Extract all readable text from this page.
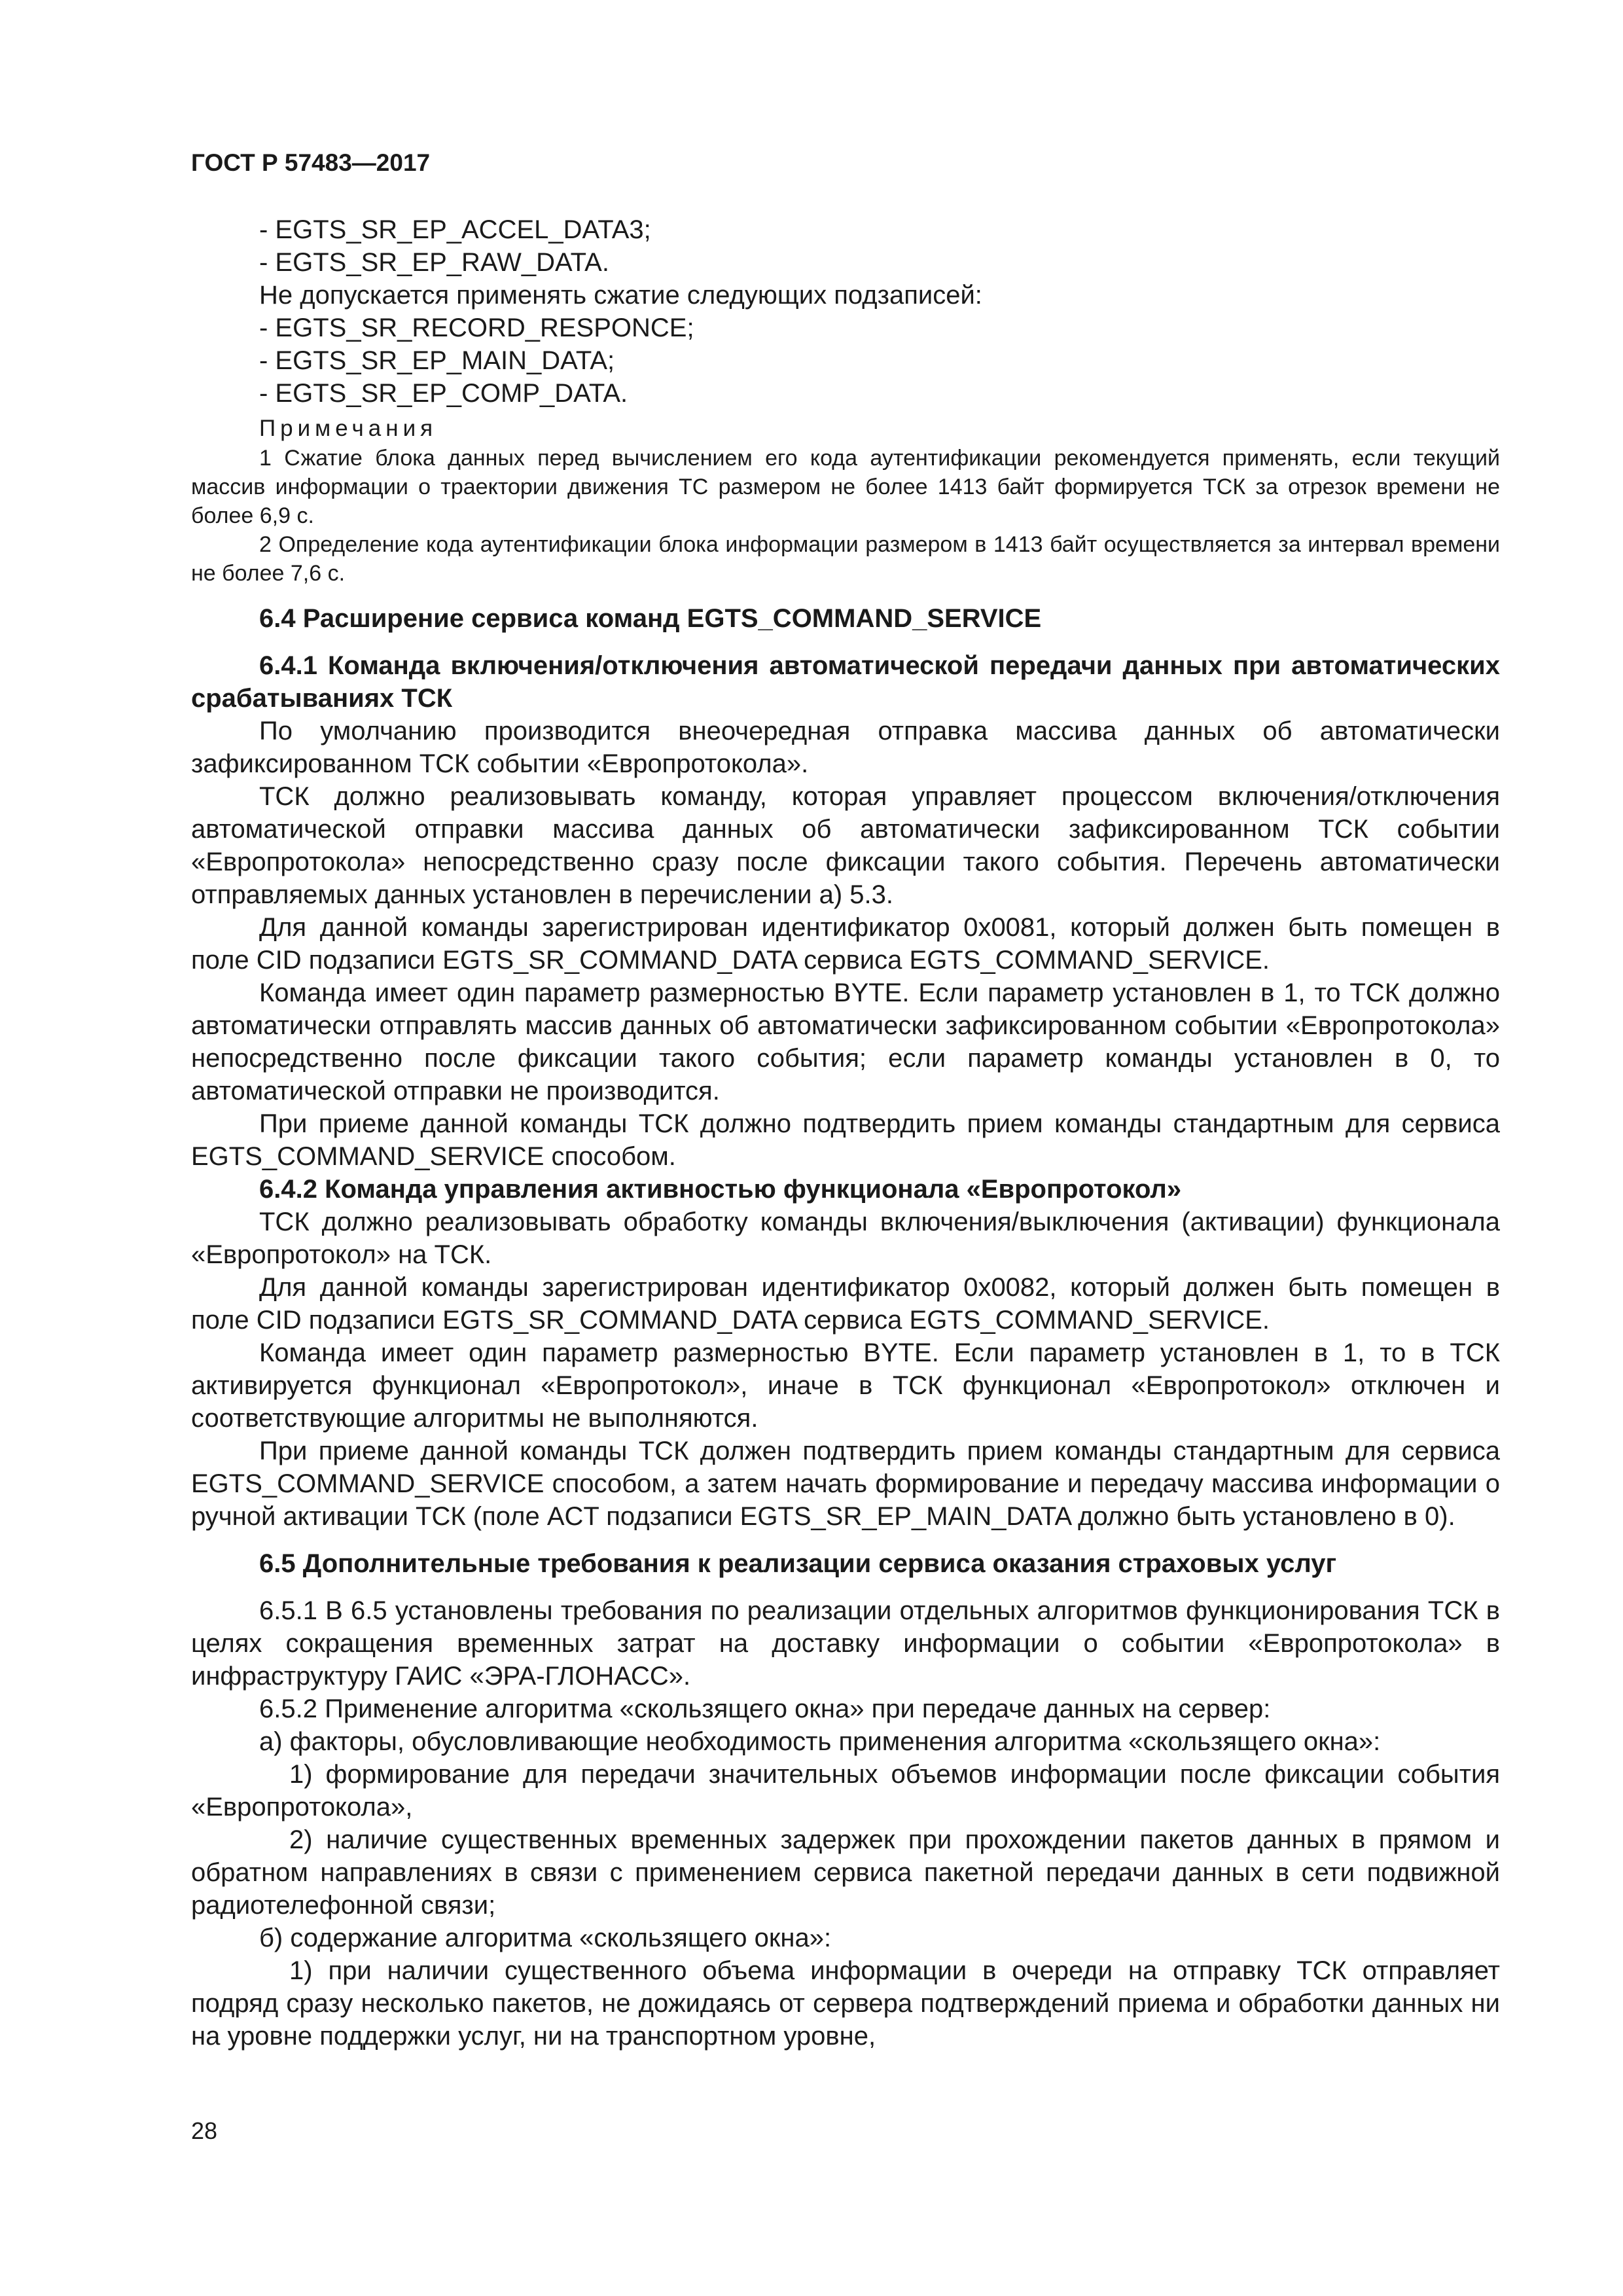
ГОСТ Р 57483—2017

- EGTS_SR_EP_ACCEL_DATA3;

- EGTS_SR_EP_RAW_DATA.

Не допускается применять сжатие следующих подзаписей:

- EGTS_SR_RECORD_RESPONCE;

- EGTS_SR_EP_MAIN_DATA;

- EGTS_SR_EP_COMP_DATA.

Примечания

1 Сжатие блока данных перед вычислением его кода аутентификации рекомендуется применять, если текущий массив информации о траектории движения ТС размером не более 1413 байт формируется ТСК за отрезок времени не более 6,9 с.

2 Определение кода аутентификации блока информации размером в 1413 байт осуществляется за интервал времени не более 7,6 с.

6.4 Расширение сервиса команд EGTS_COMMAND_SERVICE

6.4.1 Команда включения/отключения автоматической передачи данных при автоматических срабатываниях ТСК

По умолчанию производится внеочередная отправка массива данных об автоматически зафиксированном ТСК событии «Европротокола».

ТСК должно реализовывать команду, которая управляет процессом включения/отключения автоматической отправки массива данных об автоматически зафиксированном ТСК событии «Европротокола» непосредственно сразу после фиксации такого события. Перечень автоматически отправляемых данных установлен в перечислении а) 5.3.

Для данной команды зарегистрирован идентификатор 0x0081, который должен быть помещен в поле CID подзаписи EGTS_SR_COMMAND_DATA сервиса EGTS_COMMAND_SERVICE.

Команда имеет один параметр размерностью BYTE. Если параметр установлен в 1, то ТСК должно автоматически отправлять массив данных об автоматически зафиксированном событии «Европротокола» непосредственно после фиксации такого события; если параметр команды установлен в 0, то автоматической отправки не производится.

При приеме данной команды ТСК должно подтвердить прием команды стандартным для сервиса EGTS_COMMAND_SERVICE способом.

6.4.2 Команда управления активностью функционала «Европротокол»

ТСК должно реализовывать обработку команды включения/выключения (активации) функционала «Европротокол» на ТСК.

Для данной команды зарегистрирован идентификатор 0x0082, который должен быть помещен в поле CID подзаписи EGTS_SR_COMMAND_DATA сервиса EGTS_COMMAND_SERVICE.

Команда имеет один параметр размерностью BYTE. Если параметр установлен в 1, то в ТСК активируется функционал «Европротокол», иначе в ТСК функционал «Европротокол» отключен и соответствующие алгоритмы не выполняются.

При приеме данной команды ТСК должен подтвердить прием команды стандартным для сервиса EGTS_COMMAND_SERVICE способом, а затем начать формирование и передачу массива информации о ручной активации ТСК (поле ACT подзаписи EGTS_SR_EP_MAIN_DATA должно быть установлено в 0).

6.5 Дополнительные требования к реализации сервиса оказания страховых услуг

6.5.1 В 6.5 установлены требования по реализации отдельных алгоритмов функционирования ТСК в целях сокращения временных затрат на доставку информации о событии «Европротокола» в инфраструктуру ГАИС «ЭРА-ГЛОНАСС».

6.5.2 Применение алгоритма «скользящего окна» при передаче данных на сервер:

а) факторы, обусловливающие необходимость применения алгоритма «скользящего окна»:

1) формирование для передачи значительных объемов информации после фиксации события «Европротокола»,

2) наличие существенных временных задержек при прохождении пакетов данных в прямом и обратном направлениях в связи с применением сервиса пакетной передачи данных в сети подвижной радиотелефонной связи;

б) содержание алгоритма «скользящего окна»:

1) при наличии существенного объема информации в очереди на отправку ТСК отправляет подряд сразу несколько пакетов, не дожидаясь от сервера подтверждений приема и обработки данных ни на уровне поддержки услуг, ни на транспортном уровне,

28
